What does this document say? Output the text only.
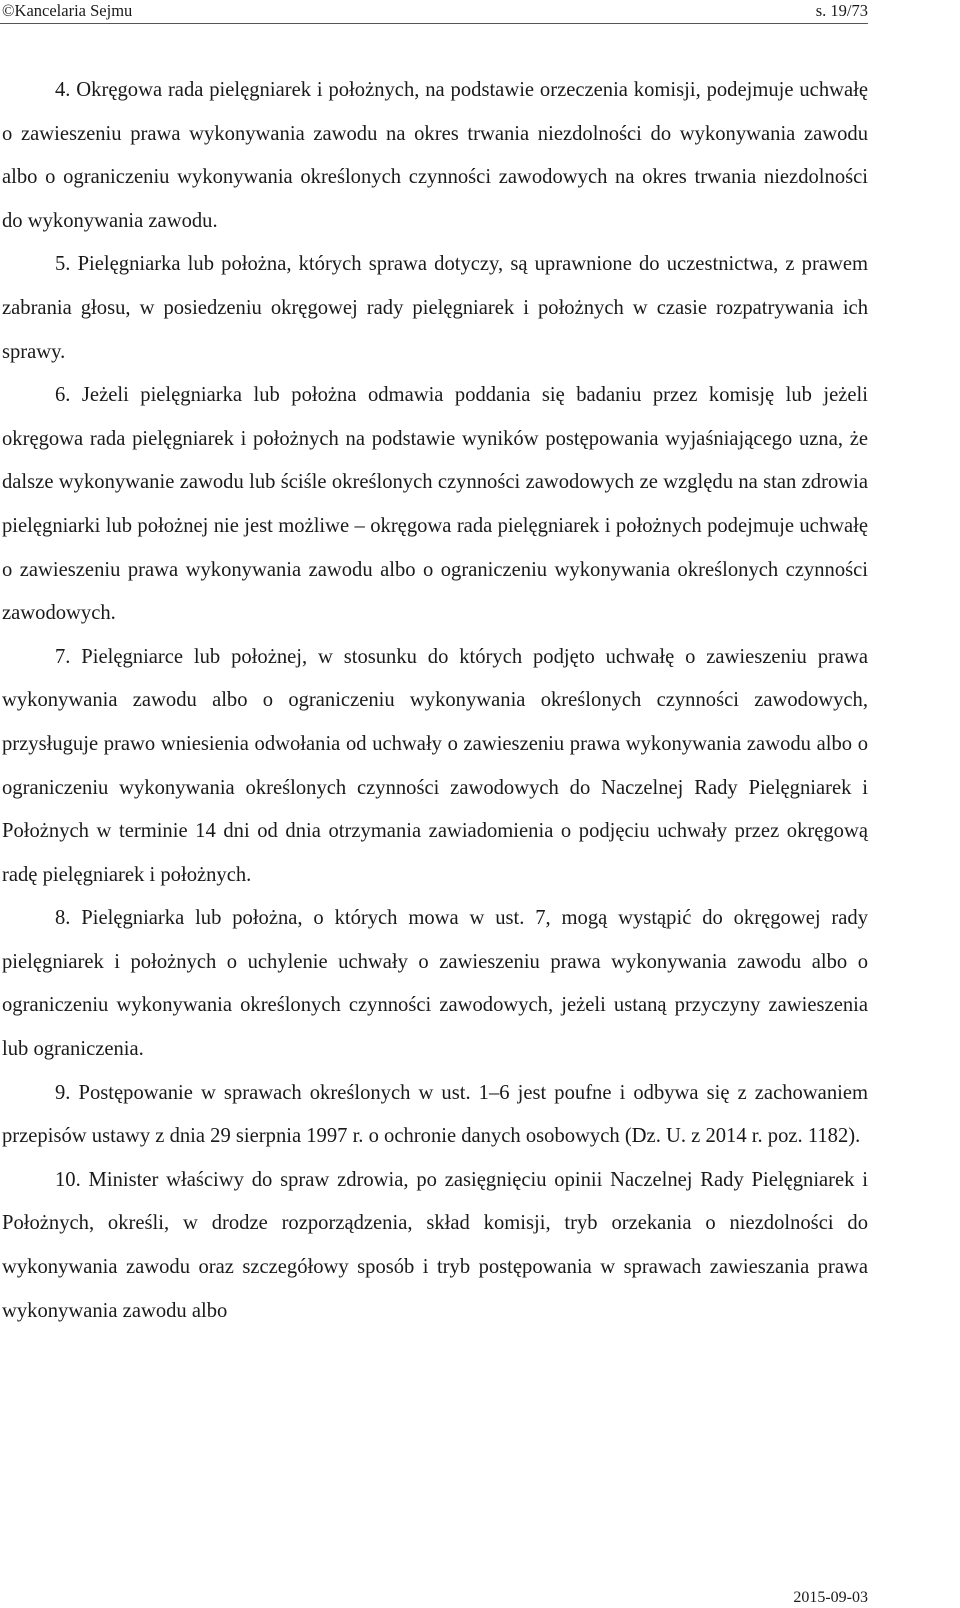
©Kancelaria Sejmu	s. 19/73

4. Okręgowa rada pielęgniarek i położnych, na podstawie orzeczenia komisji, podejmuje uchwałę o zawieszeniu prawa wykonywania zawodu na okres trwania niezdolności do wykonywania zawodu albo o ograniczeniu wykonywania określonych czynności zawodowych na okres trwania niezdolności do wykonywania zawodu.

5. Pielęgniarka lub położna, których sprawa dotyczy, są uprawnione do uczestnictwa, z prawem zabrania głosu, w posiedzeniu okręgowej rady pielęgniarek i położnych w czasie rozpatrywania ich sprawy.

6. Jeżeli pielęgniarka lub położna odmawia poddania się badaniu przez komisję lub jeżeli okręgowa rada pielęgniarek i położnych na podstawie wyników postępowania wyjaśniającego uzna, że dalsze wykonywanie zawodu lub ściśle określonych czynności zawodowych ze względu na stan zdrowia pielęgniarki lub położnej nie jest możliwe – okręgowa rada pielęgniarek i położnych podejmuje uchwałę o zawieszeniu prawa wykonywania zawodu albo o ograniczeniu wykonywania określonych czynności zawodowych.

7. Pielęgniarce lub położnej, w stosunku do których podjęto uchwałę o zawieszeniu prawa wykonywania zawodu albo o ograniczeniu wykonywania określonych czynności zawodowych, przysługuje prawo wniesienia odwołania od uchwały o zawieszeniu prawa wykonywania zawodu albo o ograniczeniu wykonywania określonych czynności zawodowych do Naczelnej Rady Pielęgniarek i Położnych w terminie 14 dni od dnia otrzymania zawiadomienia o podjęciu uchwały przez okręgową radę pielęgniarek i położnych.

8. Pielęgniarka lub położna, o których mowa w ust. 7, mogą wystąpić do okręgowej rady pielęgniarek i położnych o uchylenie uchwały o zawieszeniu prawa wykonywania zawodu albo o ograniczeniu wykonywania określonych czynności zawodowych, jeżeli ustaną przyczyny zawieszenia lub ograniczenia.

9. Postępowanie w sprawach określonych w ust. 1–6 jest poufne i odbywa się z zachowaniem przepisów ustawy z dnia 29 sierpnia 1997 r. o ochronie danych osobowych (Dz. U. z 2014 r. poz. 1182).

10. Minister właściwy do spraw zdrowia, po zasięgnięciu opinii Naczelnej Rady Pielęgniarek i Położnych, określi, w drodze rozporządzenia, skład komisji, tryb orzekania o niezdolności do wykonywania zawodu oraz szczegółowy sposób i tryb postępowania w sprawach zawieszania prawa wykonywania zawodu albo

2015-09-03
